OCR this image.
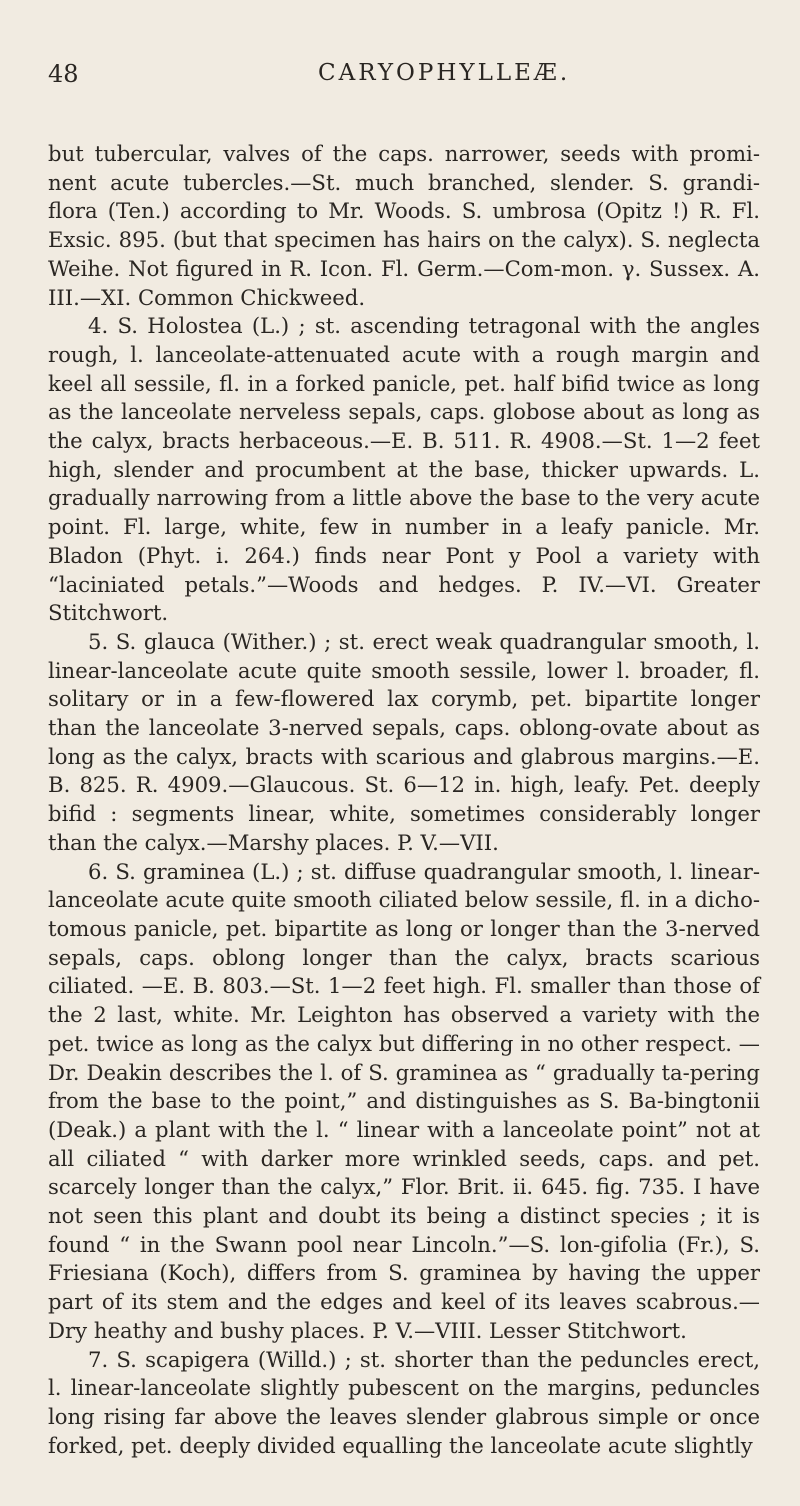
48	CARYOPHYLLEÆ.

but tubercular, valves of the caps. narrower, seeds with promi-nent acute tubercles.—St. much branched, slender. S. grandi-flora (Ten.) according to Mr. Woods. S. umbrosa (Opitz !) R. Fl. Exsic. 895. (but that specimen has hairs on the calyx). S. neglecta Weihe. Not figured in R. Icon. Fl. Germ.—Com-mon. γ. Sussex. A. III.—XI. Common Chickweed.

4. S. Holostea (L.) ; st. ascending tetragonal with the angles rough, l. lanceolate-attenuated acute with a rough margin and keel all sessile, fl. in a forked panicle, pet. half bifid twice as long as the lanceolate nerveless sepals, caps. globose about as long as the calyx, bracts herbaceous.—E. B. 511. R. 4908.—St. 1—2 feet high, slender and procumbent at the base, thicker upwards. L. gradually narrowing from a little above the base to the very acute point. Fl. large, white, few in number in a leafy panicle. Mr. Bladon (Phyt. i. 264.) finds near Pont y Pool a variety with “laciniated petals.”—Woods and hedges. P. IV.—VI. Greater Stitchwort.

5. S. glauca (Wither.) ; st. erect weak quadrangular smooth, l. linear-lanceolate acute quite smooth sessile, lower l. broader, fl. solitary or in a few-flowered lax corymb, pet. bipartite longer than the lanceolate 3-nerved sepals, caps. oblong-ovate about as long as the calyx, bracts with scarious and glabrous margins.—E. B. 825. R. 4909.—Glaucous. St. 6—12 in. high, leafy. Pet. deeply bifid : segments linear, white, sometimes considerably longer than the calyx.—Marshy places. P. V.—VII.

6. S. graminea (L.) ; st. diffuse quadrangular smooth, l. linear-lanceolate acute quite smooth ciliated below sessile, fl. in a dicho-tomous panicle, pet. bipartite as long or longer than the 3-nerved sepals, caps. oblong longer than the calyx, bracts scarious ciliated. —E. B. 803.—St. 1—2 feet high. Fl. smaller than those of the 2 last, white. Mr. Leighton has observed a variety with the pet. twice as long as the calyx but differing in no other respect. —Dr. Deakin describes the l. of S. graminea as “ gradually ta-pering from the base to the point,” and distinguishes as S. Ba-bingtonii (Deak.) a plant with the l. “ linear with a lanceolate point” not at all ciliated “ with darker more wrinkled seeds, caps. and pet. scarcely longer than the calyx,” Flor. Brit. ii. 645. fig. 735. I have not seen this plant and doubt its being a distinct species ; it is found “ in the Swann pool near Lincoln.”—S. lon-gifolia (Fr.), S. Friesiana (Koch), differs from S. graminea by having the upper part of its stem and the edges and keel of its leaves scabrous.—Dry heathy and bushy places. P. V.—VIII. Lesser Stitchwort.

7. S. scapigera (Willd.) ; st. shorter than the peduncles erect, l. linear-lanceolate slightly pubescent on the margins, peduncles long rising far above the leaves slender glabrous simple or once forked, pet. deeply divided equalling the lanceolate acute slightly
